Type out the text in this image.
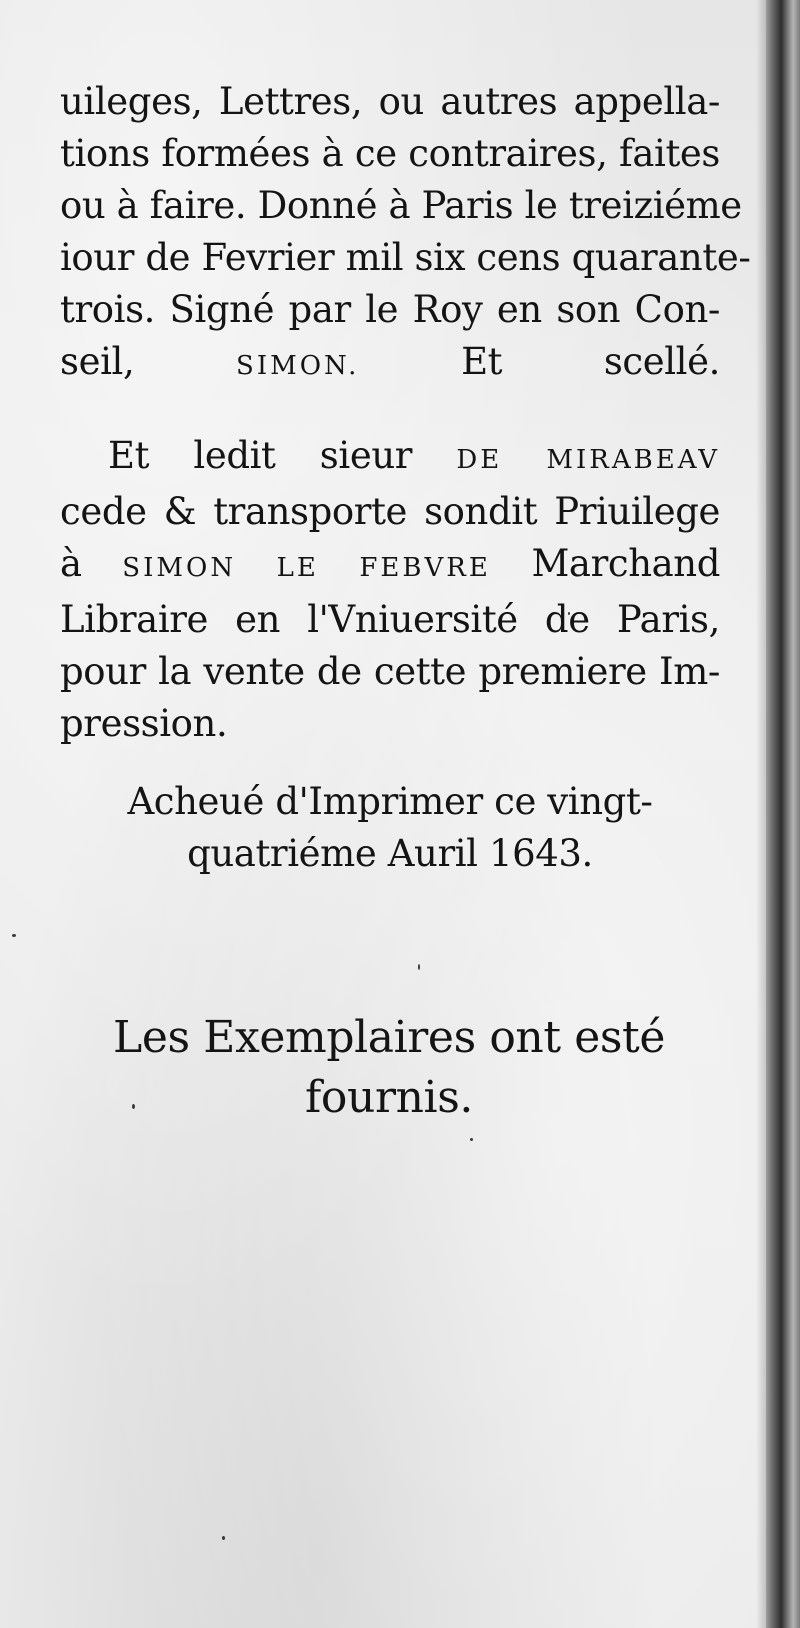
uileges, Lettres, ou autres appella-
tions formées à ce contraires, faites
ou à faire. Donné à Paris le treiziéme
iour de Fevrier mil six cens quarante-
trois. Signé par le Roy en son Con-
seil,	SIMON.	Et scellé.
Et ledit sieur DE MIRABEAV
cede & transporte sondit Priuilege
à SIMON LE FEBVRE Marchand
Libraire en l'Vniuersité de Paris,
pour la vente de cette premiere Im-
pression.
Acheué d'Imprimer ce vingt-
quatriéme Auril 1643.
Les Exemplaires ont esté
fournis.
